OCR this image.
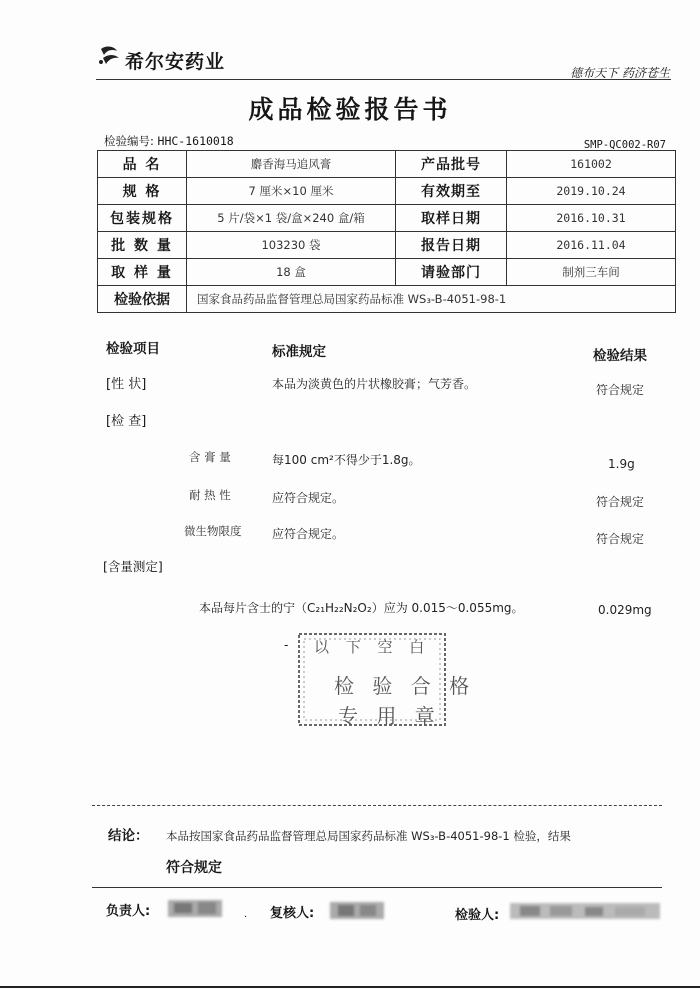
希尔安药业	德布天下 药济苍生
成品检验报告书
检验编号: HHC-1610018	SMP-QC002-R07
品 名	麝香海马追风膏	产品批号	161002
规 格	7 厘米×10 厘米	有效期至	2019.10.24
包装规格	5 片/袋×1 袋/盒×240 盒/箱	取样日期	2016.10.31
批 数 量	103230 袋	报告日期	2016.11.04
取 样 量	18 盒	请验部门	制剂三车间
检验依据	国家食品药品监督管理总局国家药品标准 WS₃-B-4051-98-1		
检验项目	标准规定	检验结果
[性 状]	本品为淡黄色的片状橡胶膏；气芳香。	符合规定
[检 查]
含 膏 量	每100 cm²不得少于1.8g。	1.9g
耐 热 性	应符合规定。	符合规定
微生物限度	应符合规定。	符合规定
[含量测定]
本品每片含士的宁（C₂₁H₂₂N₂O₂）应为 0.015～0.055mg。	0.029mg
- 以 下 空 白
检 验 合 格
专 用 章
结论： 本品按国家食品药品监督管理总局国家药品标准 WS₃-B-4051-98-1 检验，结果
符合规定
负责人:	· 复核人:	检验人:
